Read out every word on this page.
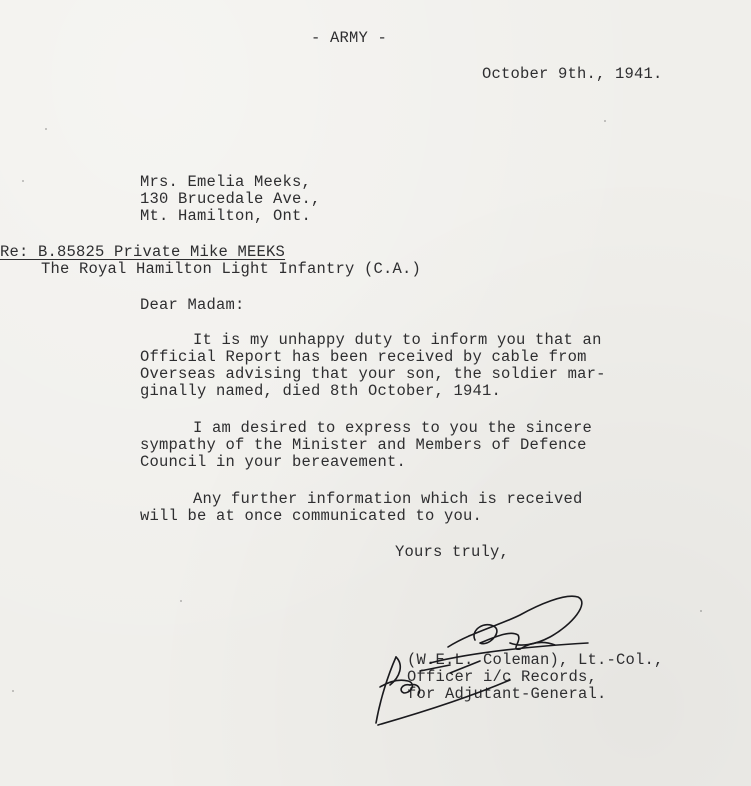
- ARMY -
October 9th., 1941.
Mrs. Emelia Meeks,
130 Brucedale Ave.,
Mt. Hamilton, Ont.
Re: B.85825 Private Mike MEEKS
The Royal Hamilton Light Infantry (C.A.)
Dear Madam:
It is my unhappy duty to inform you that an
Official Report has been received by cable from
Overseas advising that your son, the soldier mar-
ginally named, died 8th October, 1941.
I am desired to express to you the sincere
sympathy of the Minister and Members of Defence
Council in your bereavement.
Any further information which is received
will be at once communicated to you.
Yours truly,
(W.E.L. Coleman), Lt.-Col.,
Officer i/c Records,
for Adjutant-General.
